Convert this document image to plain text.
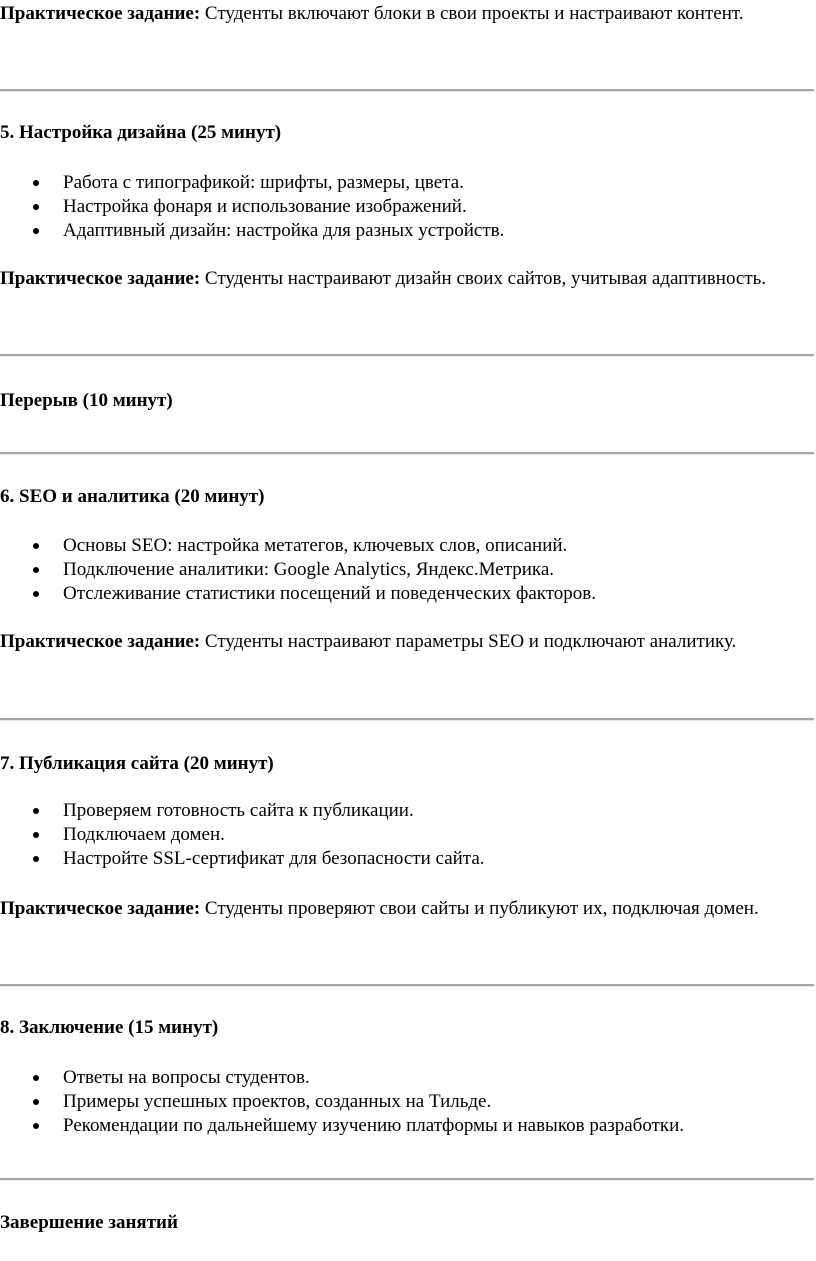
Практическое задание: Студенты включают блоки в свои проекты и настраивают контент.

5. Настройка дизайна (25 минут)
Работа с типографикой: шрифты, размеры, цвета.
Настройка фонаря и использование изображений.
Адаптивный дизайн: настройка для разных устройств.

Практическое задание: Студенты настраивают дизайн своих сайтов, учитывая адаптивность.

Перерыв (10 минут)
6. SEO и аналитика (20 минут)
Основы SEO: настройка метатегов, ключевых слов, описаний.
Подключение аналитики: Google Analytics, Яндекс.Метрика.
Отслеживание статистики посещений и поведенческих факторов.

Практическое задание: Студенты настраивают параметры SEO и подключают аналитику.

7. Публикация сайта (20 минут)
Проверяем готовность сайта к публикации.
Подключаем домен.
Настройте SSL-сертификат для безопасности сайта.

Практическое задание: Студенты проверяют свои сайты и публикуют их, подключая домен.

8. Заключение (15 минут)
Ответы на вопросы студентов.
Примеры успешных проектов, созданных на Тильде.
Рекомендации по дальнейшему изучению платформы и навыков разработки.
Завершение занятий
